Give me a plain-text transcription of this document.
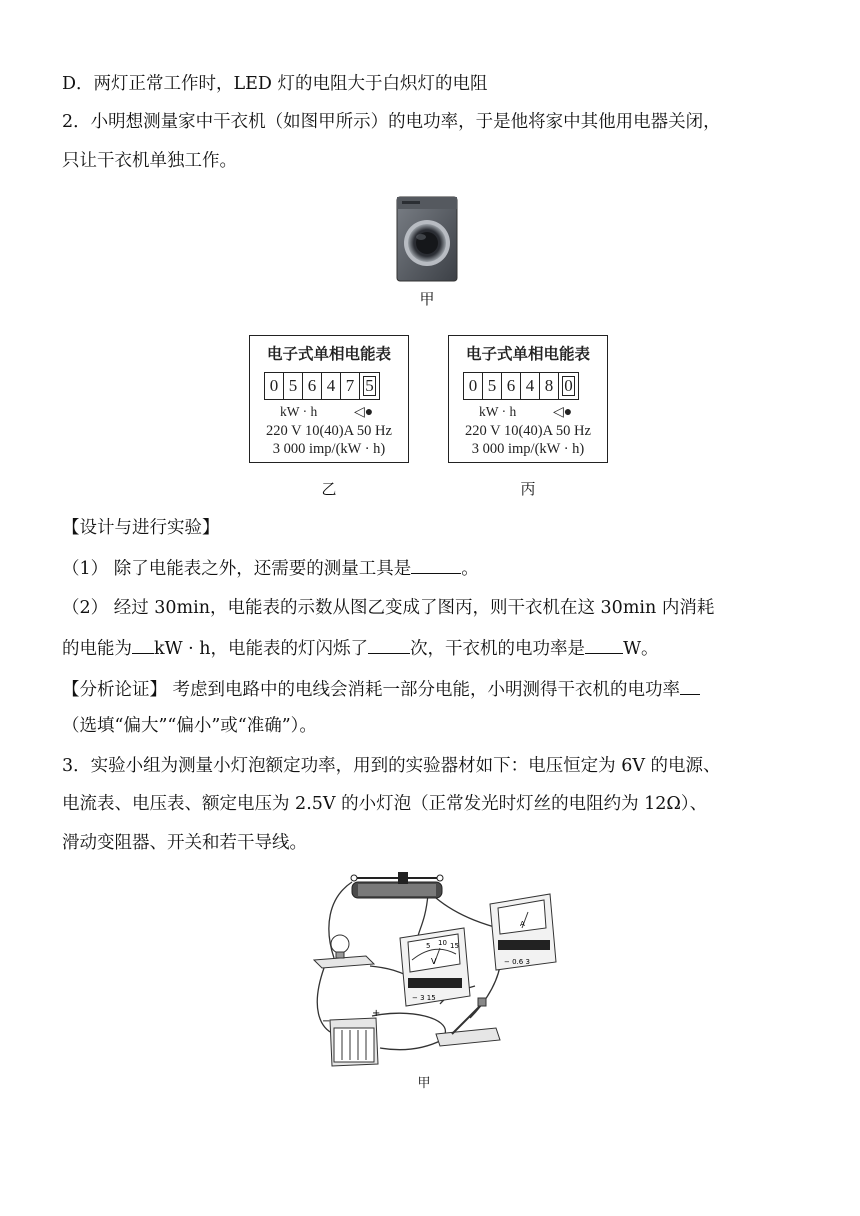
D．两灯正常工作时，LED 灯的电阻大于白炽灯的电阻
2．小明想测量家中干衣机（如图甲所示）的电功率，于是他将家中其他用电器关闭，
只让干衣机单独工作。
甲
电子式单相电能表
0 5 6 4 7 5
kW · h	◁●
220 V 10(40)A 50 Hz
3 000 imp/(kW · h)
乙
电子式单相电能表
0 5 6 4 8 0
kW · h	◁●
220 V 10(40)A 50 Hz
3 000 imp/(kW · h)
丙
【设计与进行实验】
（1） 除了电能表之外，还需要的测量工具是	。
（2） 经过 30min，电能表的示数从图乙变成了图丙，则干衣机在这 30min 内消耗
的电能为 kW · h，电能表的灯闪烁了 次，干衣机的电功率是 W。
【分析论证】 考虑到电路中的电线会消耗一部分电能，小明测得干衣机的电功率
（选填“偏大”“偏小”或“准确”）。
3．实验小组为测量小灯泡额定功率，用到的实验器材如下：电压恒定为 6V 的电源、
电流表、电压表、额定电压为 2.5V 的小灯泡（正常发光时灯丝的电阻约为 12Ω）、
滑动变阻器、开关和若干导线。
5 10 15
V
− 3 15
A
− 0.6 3
−
+
甲
